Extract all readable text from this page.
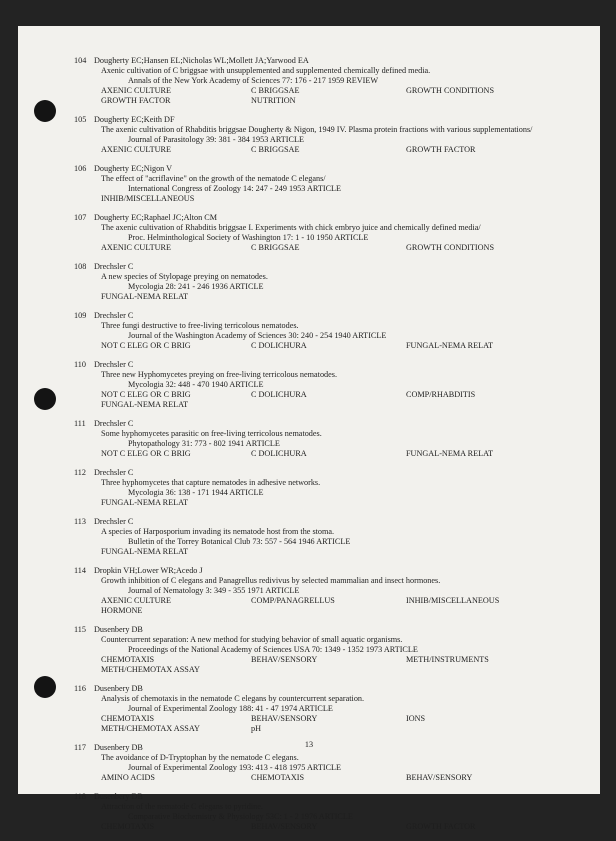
104 Dougherty EC;Hansen EL;Nicholas WL;Mollett JA;Yarwood EA
Axenic cultivation of C briggsae with unsupplemented and supplemented chemically defined media.
Annals of the New York Academy of Sciences 77: 176 - 217 1959 REVIEW
AXENIC CULTURE	C BRIGGSAE	GROWTH CONDITIONS
GROWTH FACTOR	NUTRITION
105 Dougherty EC;Keith DF
The axenic cultivation of Rhabditis briggsae Dougherty & Nigon, 1949 IV. Plasma protein fractions with various supplementations/
Journal of Parasitology 39: 381 - 384 1953 ARTICLE
AXENIC CULTURE	C BRIGGSAE	GROWTH FACTOR
106 Dougherty EC;Nigon V
The effect of "acriflavine" on the growth of the nematode C elegans/
International Congress of Zoology 14: 247 - 249 1953 ARTICLE
INHIB/MISCELLANEOUS
107 Dougherty EC;Raphael JC;Alton CM
The axenic cultivation of Rhabditis briggsae I. Experiments with chick embryo juice and chemically defined media/
Proc. Helminthological Society of Washington 17: 1 - 10 1950 ARTICLE
AXENIC CULTURE	C BRIGGSAE	GROWTH CONDITIONS
108 Drechsler C
A new species of Stylopage preying on nematodes.
Mycologia 28: 241 - 246 1936 ARTICLE
FUNGAL-NEMA RELAT
109 Drechsler C
Three fungi destructive to free-living terricolous nematodes.
Journal of the Washington Academy of Sciences 30: 240 - 254 1940 ARTICLE
NOT C ELEG OR C BRIG	C DOLICHURA	FUNGAL-NEMA RELAT
110 Drechsler C
Three new Hyphomycetes preying on free-living terricolous nematodes.
Mycologia 32: 448 - 470 1940 ARTICLE
NOT C ELEG OR C BRIG	C DOLICHURA	COMP/RHABDITIS
FUNGAL-NEMA RELAT
111	Drechsler C
Some hyphomycetes parasitic on free-living terricolous nematodes.
Phytopathology 31: 773 - 802 1941 ARTICLE
NOT C ELEG OR C BRIG	C DOLICHURA	FUNGAL-NEMA RELAT
112 Drechsler C
Three hyphomycetes that capture nematodes in adhesive networks.
Mycologia 36: 138 - 171 1944 ARTICLE
FUNGAL-NEMA RELAT
113 Drechsler C
A species of Harposporium invading its nematode host from the stoma.
Bulletin of the Torrey Botanical Club 73: 557 - 564 1946 ARTICLE
FUNGAL-NEMA RELAT
114 Dropkin VH;Lower WR;Acedo J
Growth inhibition of C elegans and Panagrellus redivivus by selected mammalian and insect hormones.
Journal of Nematology 3: 349 - 355 1971 ARTICLE
AXENIC CULTURE	COMP/PANAGRELLUS	INHIB/MISCELLANEOUS
HORMONE
115 Dusenbery DB
Countercurrent separation: A new method for studying behavior of small aquatic organisms.
Proceedings of the National Academy of Sciences USA 70: 1349 - 1352 1973 ARTICLE
CHEMOTAXIS	BEHAV/SENSORY	METH/INSTRUMENTS
METH/CHEMOTAX ASSAY
116 Dusenbery DB
Analysis of chemotaxis in the nematode C elegans by countercurrent separation.
Journal of Experimental Zoology 188: 41 - 47 1974 ARTICLE
CHEMOTAXIS	BEHAV/SENSORY	IONS
METH/CHEMOTAX ASSAY	pH
117 Dusenbery DB
The avoidance of D-Tryptophan by the nematode C elegans.
Journal of Experimental Zoology 193: 413 - 418 1975 ARTICLE
AMINO ACIDS	CHEMOTAXIS	BEHAV/SENSORY
118 Dusenbery DB
Attraction of the nematode C elegans to pyridine.
Comparative Biochemistry & Physiology 53C: 1 - 2 1976 ARTICLE
CHEMOTAXIS	BEHAV/SENSORY	GROWTH FACTOR
13
